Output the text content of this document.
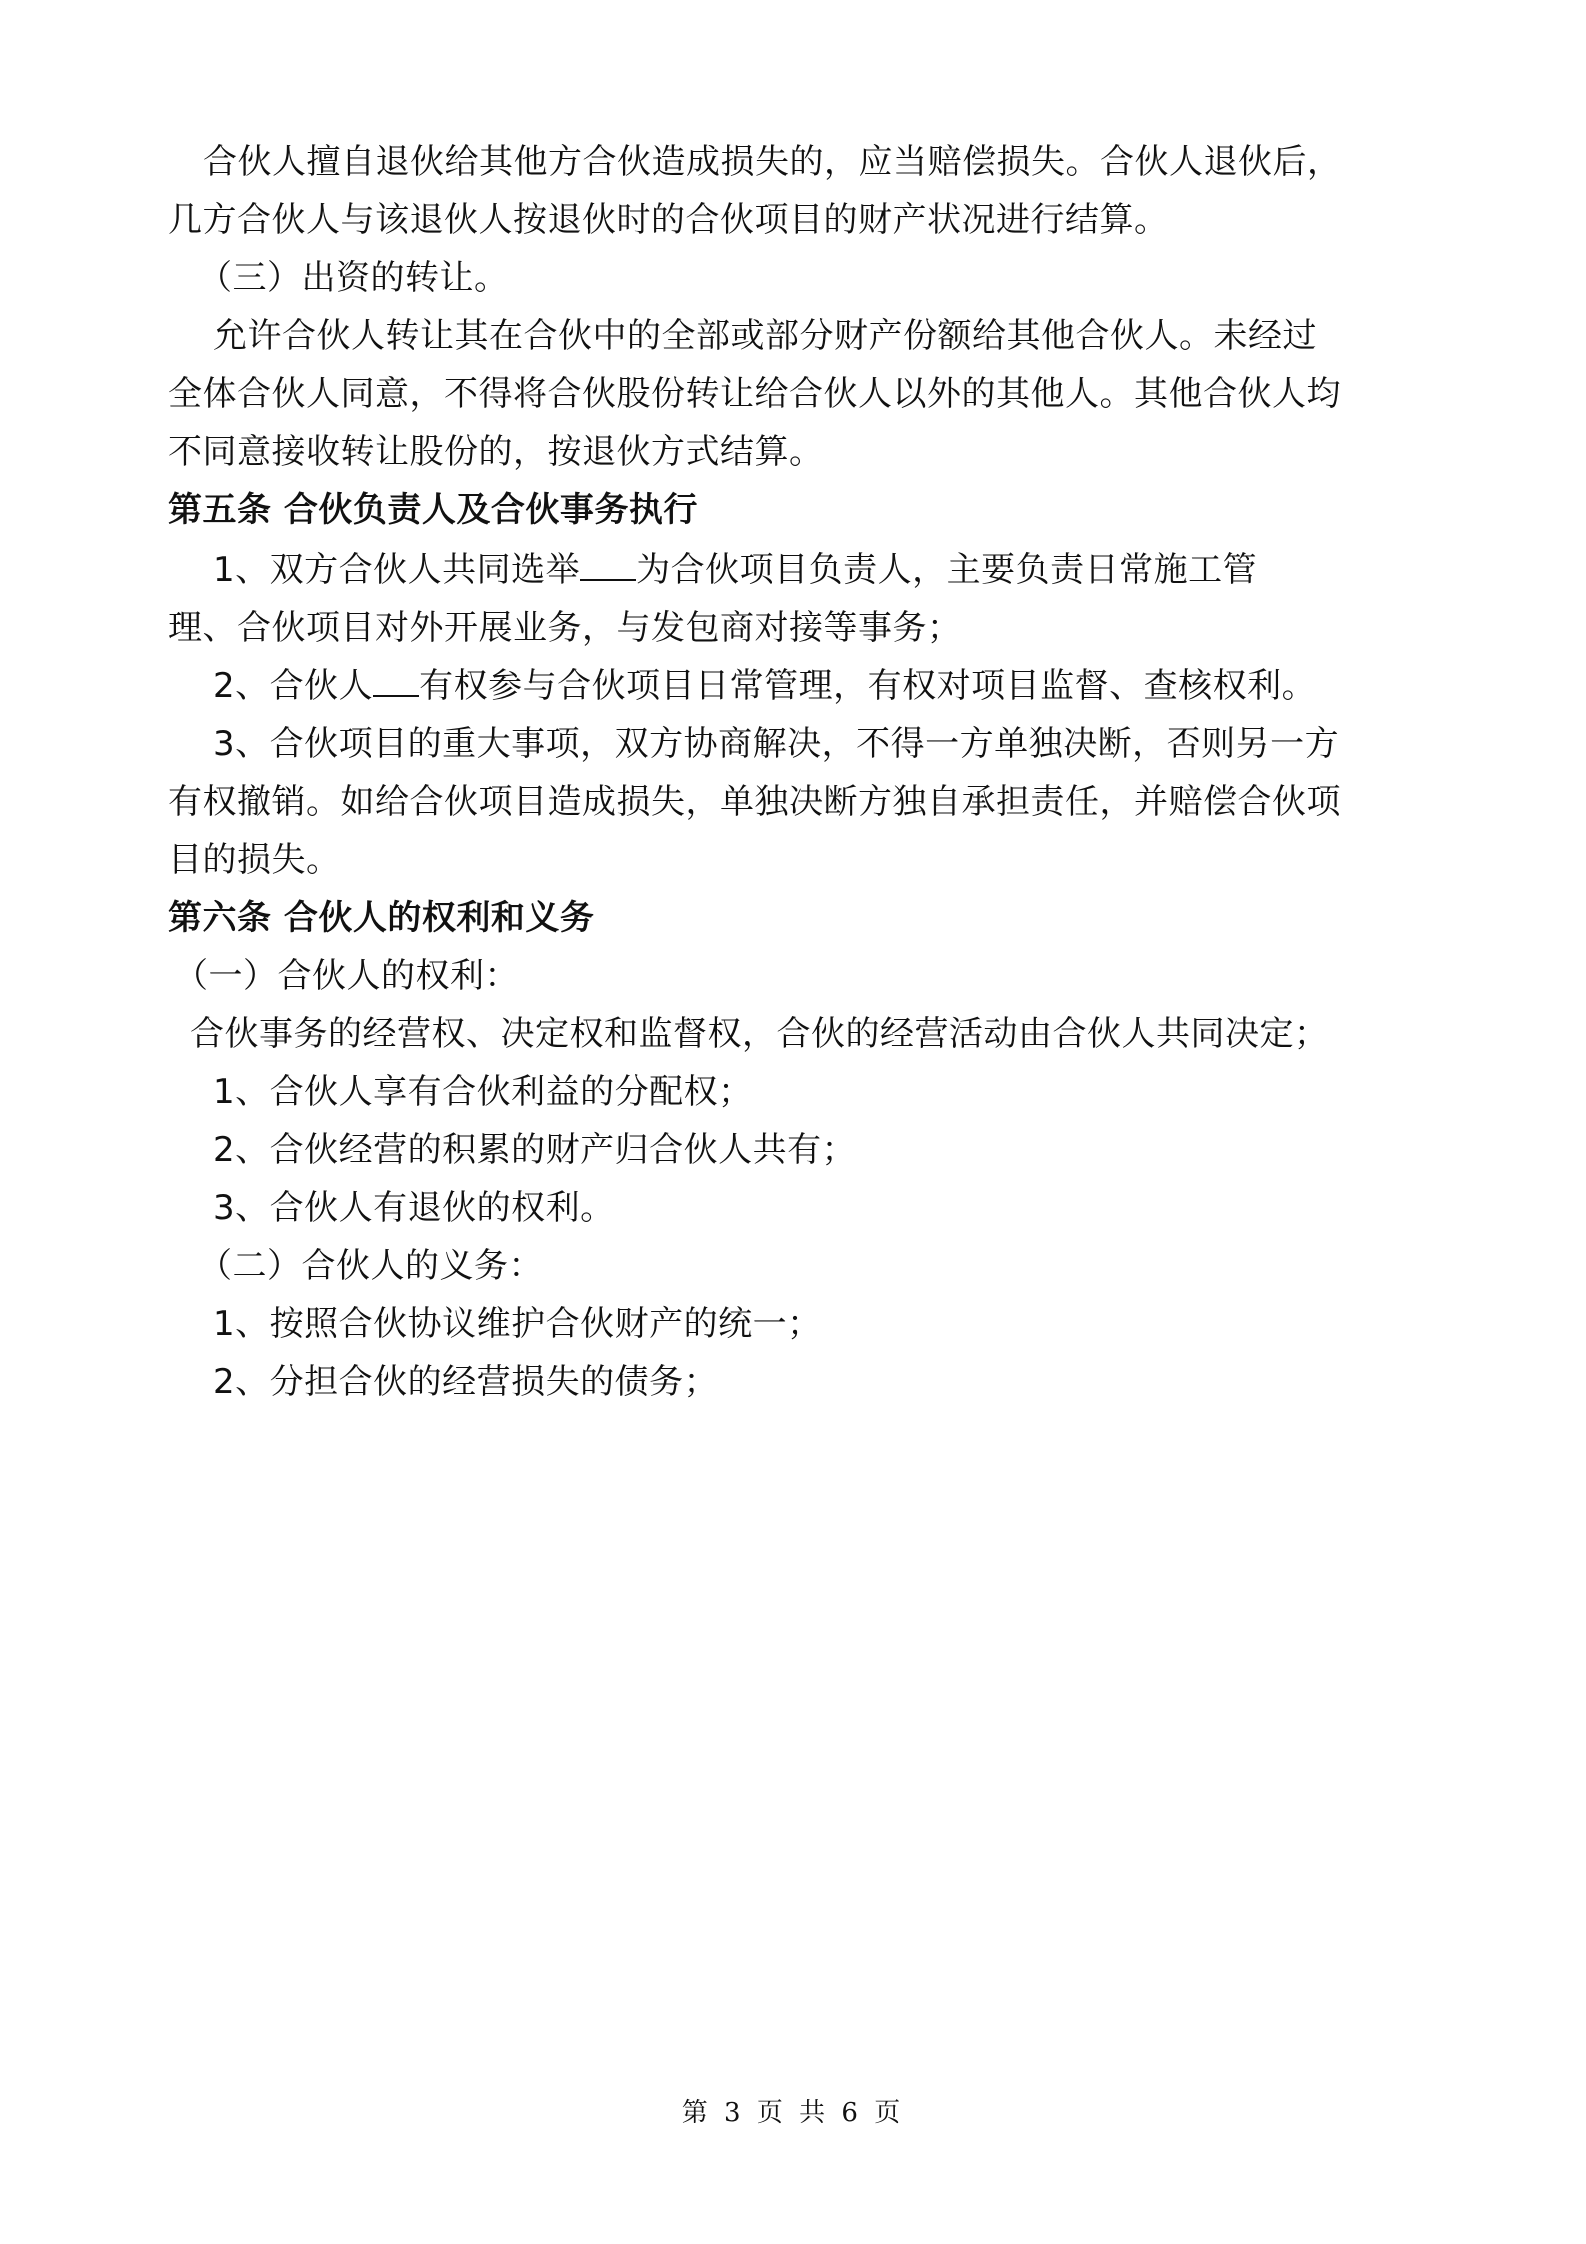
合伙人擅自退伙给其他方合伙造成损失的，应当赔偿损失。合伙人退伙后，
几方合伙人与该退伙人按退伙时的合伙项目的财产状况进行结算。
（三）出资的转让。
允许合伙人转让其在合伙中的全部或部分财产份额给其他合伙人。未经过
全体合伙人同意，不得将合伙股份转让给合伙人以外的其他人。其他合伙人均
不同意接收转让股份的，按退伙方式结算。
第五条 合伙负责人及合伙事务执行
1、双方合伙人共同选举 为合伙项目负责人，主要负责日常施工管
理、合伙项目对外开展业务，与发包商对接等事务；
2、合伙人 有权参与合伙项目日常管理，有权对项目监督、查核权利。
3、合伙项目的重大事项，双方协商解决，不得一方单独决断，否则另一方
有权撤销。如给合伙项目造成损失，单独决断方独自承担责任，并赔偿合伙项
目的损失。
第六条 合伙人的权利和义务
（一）合伙人的权利：
合伙事务的经营权、决定权和监督权，合伙的经营活动由合伙人共同决定；
1、合伙人享有合伙利益的分配权；
2、合伙经营的积累的财产归合伙人共有；
3、合伙人有退伙的权利。
（二）合伙人的义务：
1、按照合伙协议维护合伙财产的统一；
2、分担合伙的经营损失的债务；
第 3 页 共 6 页
